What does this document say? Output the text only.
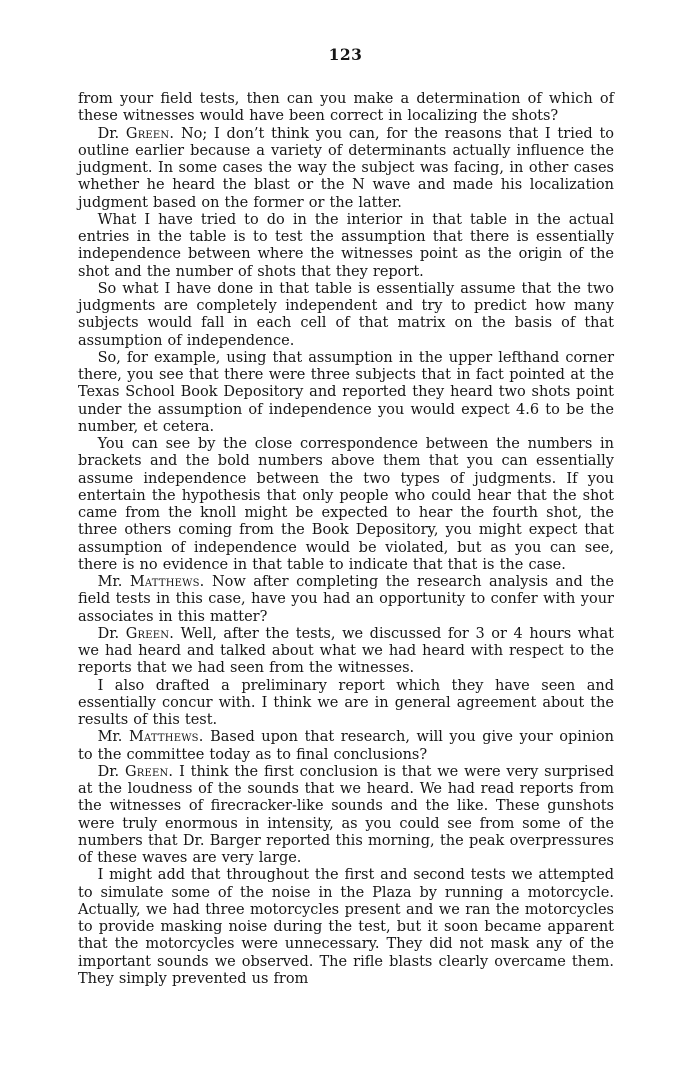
123

from your field tests, then can you make a determination of which of these witnesses would have been correct in localizing the shots?

Dr. Green. No; I don’t think you can, for the reasons that I tried to outline earlier because a variety of determinants actually influence the judgment. In some cases the way the subject was facing, in other cases whether he heard the blast or the N wave and made his localization judgment based on the former or the latter.

What I have tried to do in the interior in that table in the actual entries in the table is to test the assumption that there is essentially independence between where the witnesses point as the origin of the shot and the number of shots that they report.

So what I have done in that table is essentially assume that the two judgments are completely independent and try to predict how many subjects would fall in each cell of that matrix on the basis of that assumption of independence.

So, for example, using that assumption in the upper lefthand corner there, you see that there were three subjects that in fact pointed at the Texas School Book Depository and reported they heard two shots point under the assumption of independence you would expect 4.6 to be the number, et cetera.

You can see by the close correspondence between the numbers in brackets and the bold numbers above them that you can essentially assume independence between the two types of judgments. If you entertain the hypothesis that only people who could hear that the shot came from the knoll might be expected to hear the fourth shot, the three others coming from the Book Depository, you might expect that assumption of independence would be violated, but as you can see, there is no evidence in that table to indicate that that is the case.

Mr. Matthews. Now after completing the research analysis and the field tests in this case, have you had an opportunity to confer with your associates in this matter?

Dr. Green. Well, after the tests, we discussed for 3 or 4 hours what we had heard and talked about what we had heard with respect to the reports that we had seen from the witnesses.

I also drafted a preliminary report which they have seen and essentially concur with. I think we are in general agreement about the results of this test.

Mr. Matthews. Based upon that research, will you give your opinion to the committee today as to final conclusions?

Dr. Green. I think the first conclusion is that we were very surprised at the loudness of the sounds that we heard. We had read reports from the witnesses of firecracker-like sounds and the like. These gunshots were truly enormous in intensity, as you could see from some of the numbers that Dr. Barger reported this morning, the peak overpressures of these waves are very large.

I might add that throughout the first and second tests we attempted to simulate some of the noise in the Plaza by running a motorcycle. Actually, we had three motorcycles present and we ran the motorcycles to provide masking noise during the test, but it soon became apparent that the motorcycles were unnecessary. They did not mask any of the important sounds we observed. The rifle blasts clearly overcame them. They simply prevented us from
